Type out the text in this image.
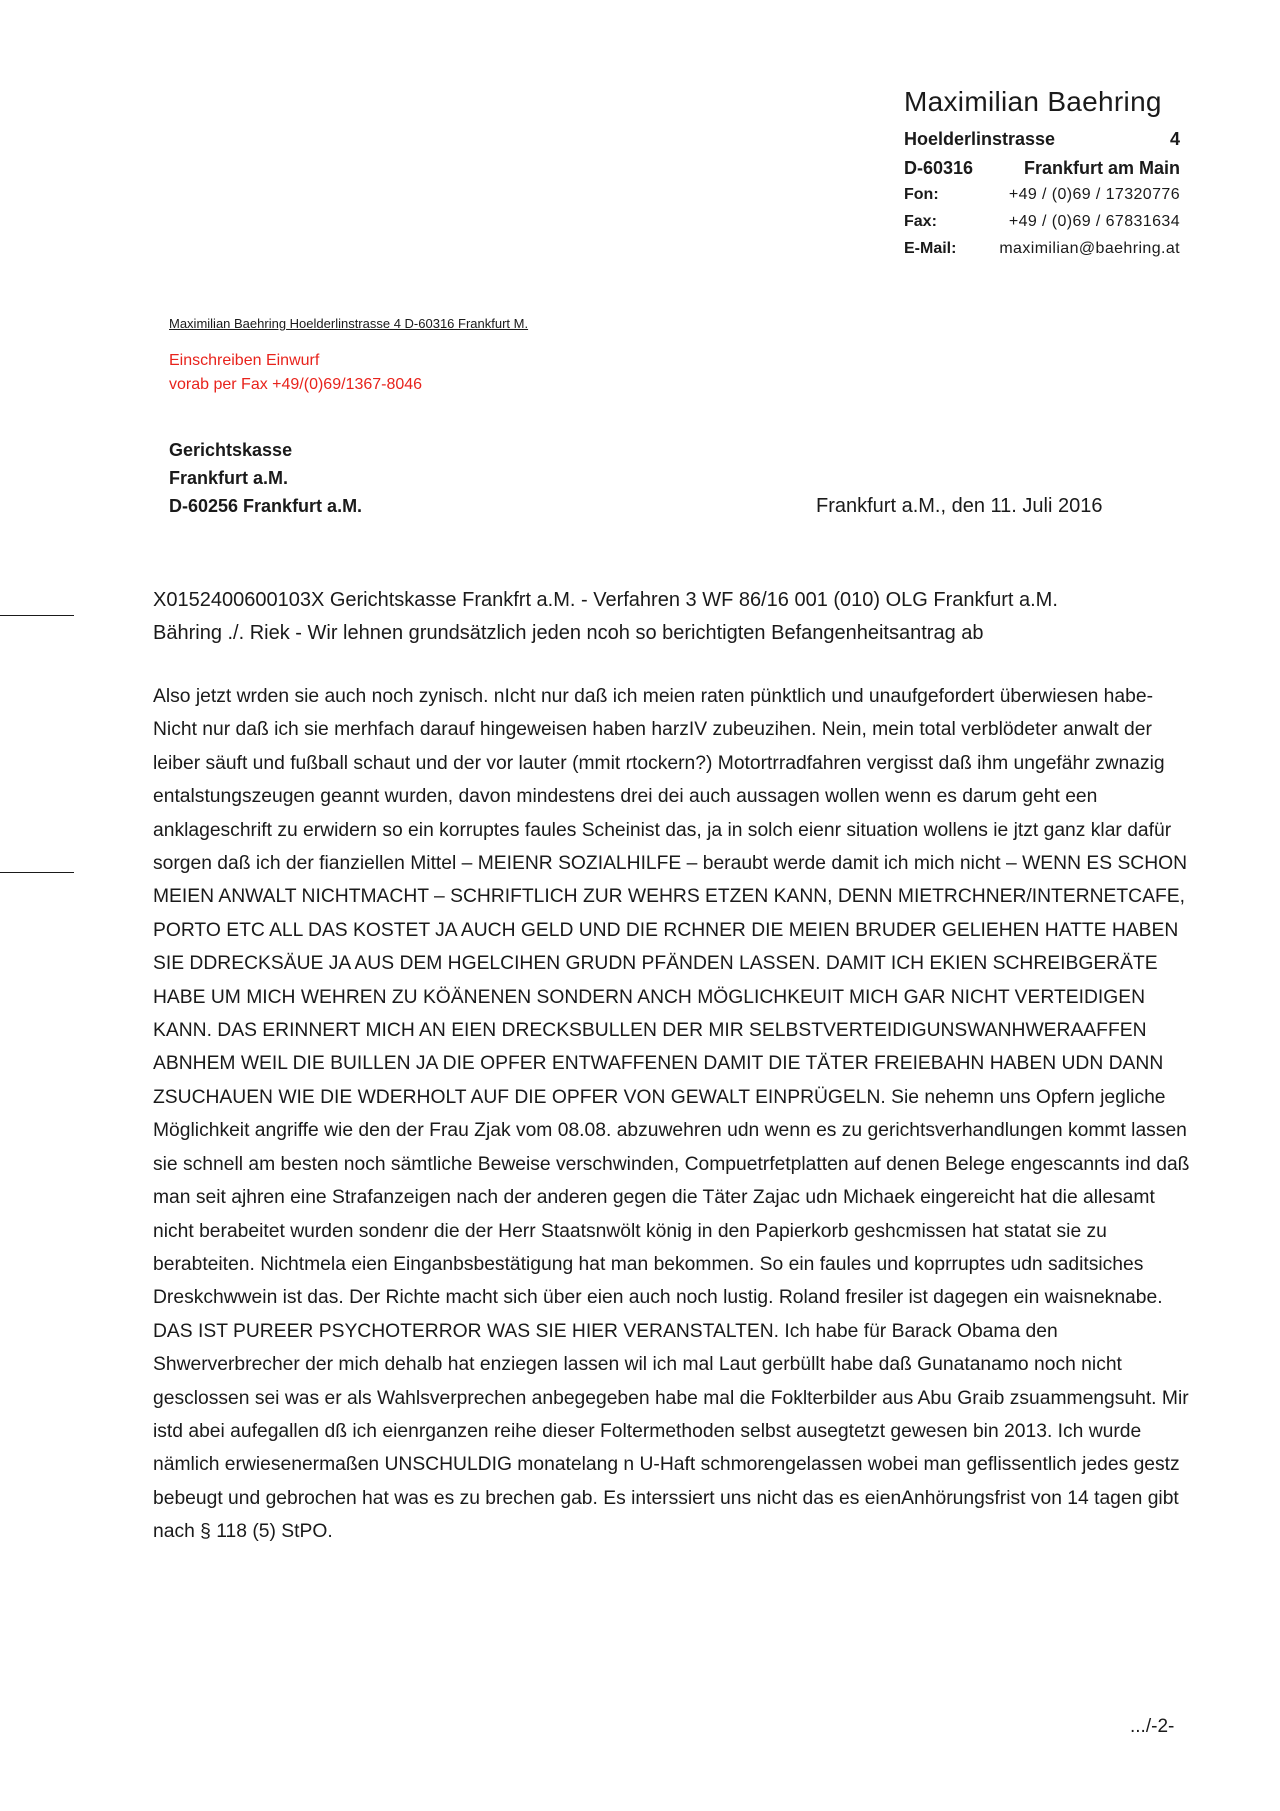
Maximilian Baehring
Hoelderlinstrasse	4
D-60316	Frankfurt am Main
Fon:	+49 / (0)69 / 17320776
Fax:	+49 / (0)69 / 67831634
E-Mail:	maximilian@baehring.at
Maximilian Baehring Hoelderlinstrasse 4 D-60316 Frankfurt M.
Einschreiben Einwurf
vorab per Fax +49/(0)69/1367-8046
Gerichtskasse
Frankfurt a.M.
D-60256 Frankfurt a.M.	Frankfurt a.M., den 11. Juli 2016
X0152400600103X Gerichtskasse Frankfrt a.M. - Verfahren 3 WF 86/16 001 (010) OLG Frankfurt a.M.
Bähring ./. Riek - Wir lehnen grundsätzlich jeden ncoh so berichtigten Befangenheitsantrag ab
Also jetzt wrden sie auch noch zynisch. nIcht nur daß ich meien raten pünktlich und unaufgefordert überwiesen habe- Nicht nur daß ich sie merhfach darauf hingeweisen haben harzIV zubeuzihen. Nein, mein total verblödeter anwalt der leiber säuft und fußball schaut und der vor lauter (mmit rtockern?) Motortrradfahren vergisst daß ihm ungefähr zwnazig entalstungszeugen geannt wurden, davon mindestens drei dei auch aussagen wollen wenn es darum geht een anklageschrift zu erwidern so ein korruptes faules Scheinist das, ja in solch eienr situation wollens ie jtzt ganz klar dafür sorgen daß ich der fianziellen Mittel – MEIENR SOZIALHILFE – beraubt werde damit ich mich nicht – WENN ES SCHON MEIEN ANWALT NICHTMACHT – SCHRIFTLICH ZUR WEHRS ETZEN KANN, DENN MIETRCHNER/INTERNETCAFE, PORTO ETC ALL DAS KOSTET JA AUCH GELD UND DIE RCHNER DIE MEIEN BRUDER GELIEHEN HATTE HABEN SIE DDRECKSÄUE JA AUS DEM HGELCIHEN GRUDN PFÄNDEN LASSEN. DAMIT ICH EKIEN SCHREIBGERÄTE HABE UM MICH WEHREN ZU KÖÄNENEN SONDERN ANCH MÖGLICHKEUIT MICH GAR NICHT VERTEIDIGEN KANN. DAS ERINNERT MICH AN EIEN DRECKSBULLEN DER MIR SELBSTVERTEIDIGUNSWANHWERAAFFEN ABNHEM WEIL DIE BUILLEN JA DIE OPFER ENTWAFFENEN DAMIT DIE TÄTER FREIEBAHN HABEN UDN DANN ZSUCHAUEN WIE DIE WDERHOLT AUF DIE OPFER VON GEWALT EINPRÜGELN. Sie nehemn uns Opfern jegliche Möglichkeit angriffe wie den der Frau Zjak vom 08.08. abzuwehren udn wenn es zu gerichtsverhandlungen kommt lassen sie schnell am besten noch sämtliche Beweise verschwinden, Compuetrfetplatten auf denen Belege engescannts ind daß man seit ajhren eine Strafanzeigen nach der anderen gegen die Täter Zajac udn Michaek eingereicht hat die allesamt nicht berabeitet wurden sondenr die der Herr Staatsnwölt könig in den Papierkorb geshcmissen hat statat sie zu berabteiten. Nichtmela eien Einganbsbestätigung hat man bekommen. So ein faules und koprruptes udn saditsiches Dreskchwwein ist das. Der Richte macht sich über eien auch noch lustig. Roland fresiler ist dagegen ein waisneknabe. DAS IST PUREER PSYCHOTERROR WAS SIE HIER VERANSTALTEN. Ich habe für Barack Obama den Shwerverbrecher der mich dehalb hat enziegen lassen wil ich mal Laut gerbüllt habe daß Gunatanamo noch nicht gesclossen sei was er als Wahlsverprechen anbegegeben habe mal die Foklterbilder aus Abu Graib zsuammengsuht. Mir istd abei aufegallen dß ich eienrganzen reihe dieser Foltermethoden selbst ausegtetzt gewesen bin 2013. Ich wurde nämlich erwiesenermaßen UNSCHULDIG monatelang n U-Haft schmorengelassen wobei man geflissentlich jedes gestz bebeugt und gebrochen hat was es zu brechen gab. Es interssiert uns nicht das es eienAnhörungsfrist von 14 tagen gibt nach § 118 (5) StPO.
.../-2-
